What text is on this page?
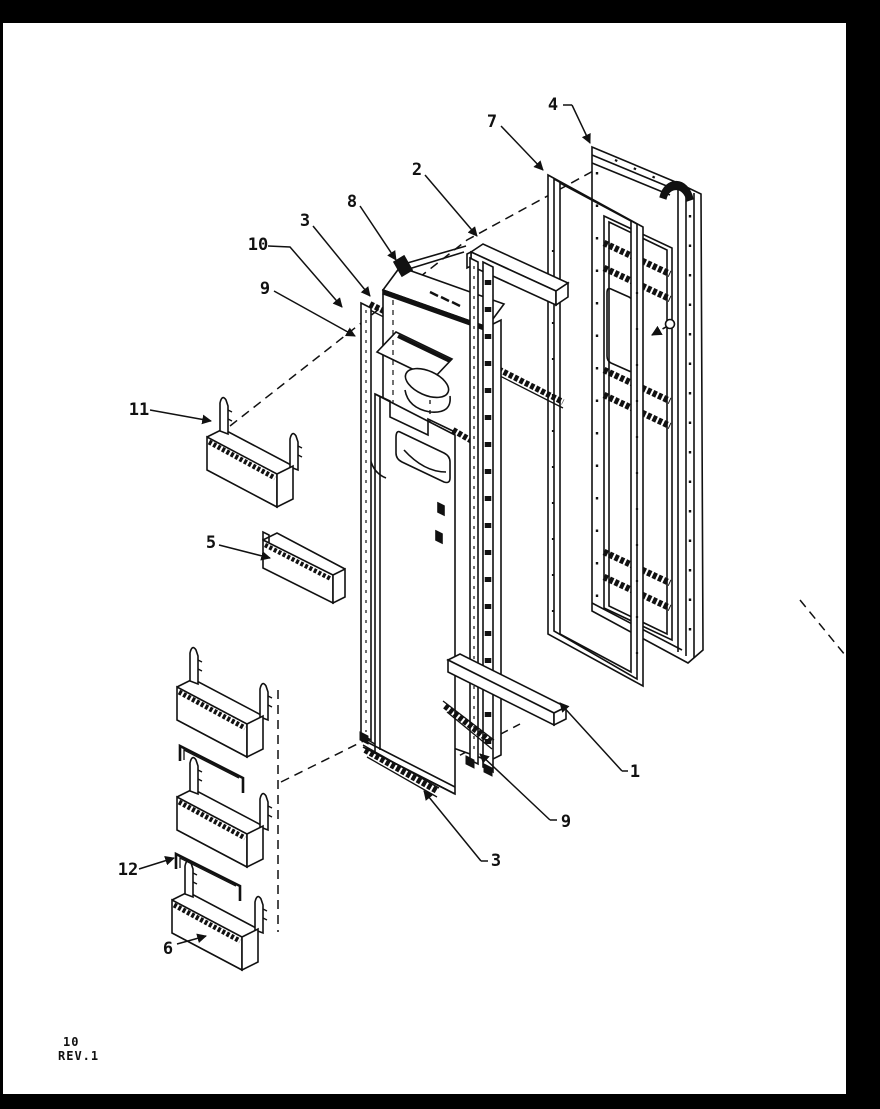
4
7
2
8
3
10
9
11
5
1
9
3
12
6
10
REV.1
